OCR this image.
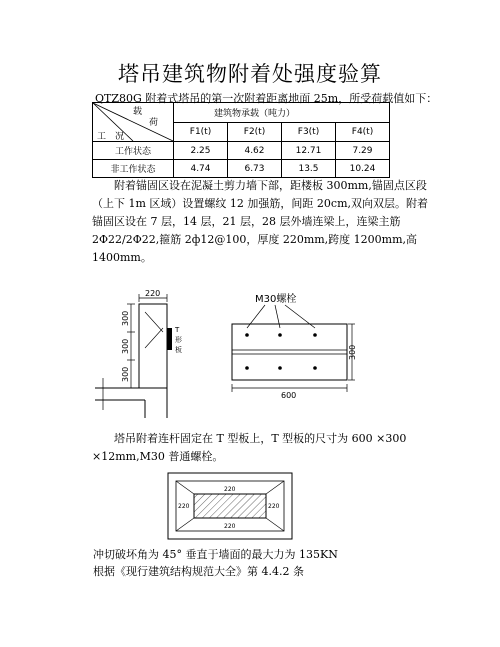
塔吊建筑物附着处强度验算
QTZ80G 附着式塔吊的第一次附着距离地面 25m，所受荷载值如下：
载
荷
工　况	建筑物承载（吨力）			
	F1(t)	F2(t)	F3(t)	F4(t)
工作状态	2.25	4.62	12.71	7.29
非工作状态	4.74	6.73	13.5	10.24
附着锚固区设在泥凝土剪力墙下部，距楼板 300mm,锚固点区段（上下 1m 区域）设置螺纹 12 加强筋，间距 20cm,双向双层。附着锚固区设在 7 层，14 层，21 层，28 层外墙连梁上，连梁主筋 2Φ22/2Φ22,箍筋 2ф12@100，厚度 220mm,跨度 1200mm,高 1400mm。
220
T
形
板
300
300
300
M30螺栓
600
300
塔吊附着连杆固定在 T 型板上，T 型板的尺寸为 600 ×300 ×12mm,M30 普通螺栓。
220
220	220
220
冲切破坏角为 45° 垂直于墙面的最大力为 135KN
根据《现行建筑结构规范大全》第 4.4.2 条
